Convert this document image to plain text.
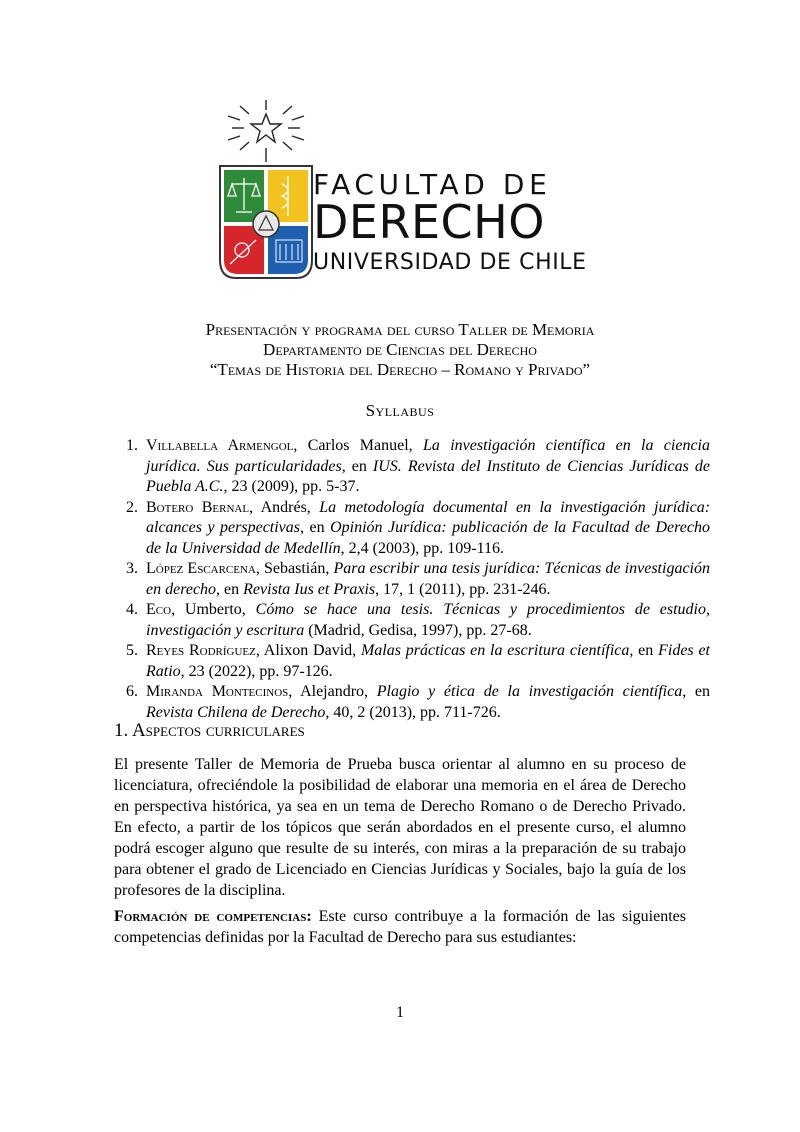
FACULTAD DE
DERECHO
UNIVERSIDAD DE CHILE
Presentación y programa del curso Taller de Memoria
Departamento de Ciencias del Derecho
“Temas de Historia del Derecho – Romano y Privado”
Syllabus
1. Villabella Armengol, Carlos Manuel, La investigación científica en la ciencia jurídica. Sus particularidades, en IUS. Revista del Instituto de Ciencias Jurídicas de Puebla A.C., 23 (2009), pp. 5-37.
2. Botero Bernal, Andrés, La metodología documental en la investigación jurídica: alcances y perspectivas, en Opinión Jurídica: publicación de la Facultad de Derecho de la Universidad de Medellín, 2,4 (2003), pp. 109-116.
3. López Escarcena, Sebastián, Para escribir una tesis jurídica: Técnicas de investigación en derecho, en Revista Ius et Praxis, 17, 1 (2011), pp. 231-246.
4. Eco, Umberto, Cómo se hace una tesis. Técnicas y procedimientos de estudio, investigación y escritura (Madrid, Gedisa, 1997), pp. 27-68.
5. Reyes Rodríguez, Alixon David, Malas prácticas en la escritura científica, en Fides et Ratio, 23 (2022), pp. 97-126.
6. Miranda Montecinos, Alejandro, Plagio y ética de la investigación científica, en Revista Chilena de Derecho, 40, 2 (2013), pp. 711-726.
1. Aspectos curriculares

El presente Taller de Memoria de Prueba busca orientar al alumno en su proceso de licenciatura, ofreciéndole la posibilidad de elaborar una memoria en el área de Derecho en perspectiva histórica, ya sea en un tema de Derecho Romano o de Derecho Privado. En efecto, a partir de los tópicos que serán abordados en el presente curso, el alumno podrá escoger alguno que resulte de su interés, con miras a la preparación de su trabajo para obtener el grado de Licenciado en Ciencias Jurídicas y Sociales, bajo la guía de los profesores de la disciplina.

Formación de competencias: Este curso contribuye a la formación de las siguientes competencias definidas por la Facultad de Derecho para sus estudiantes:

1
